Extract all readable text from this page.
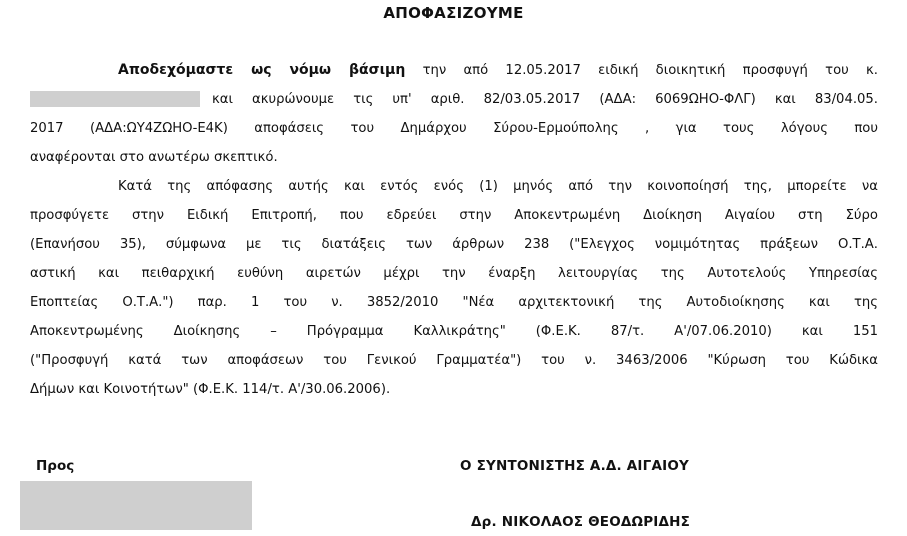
ΑΠΟΦΑΣΙΖΟΥΜΕ
Αποδεχόμαστε ως νόμω βάσιμη την από 12.05.2017 ειδική διοικητική προσφυγή του κ.
και ακυρώνουμε τις υπ' αριθ. 82/03.05.2017 (ΑΔΑ: 6069ΩΗΟ-ΦΛΓ) και 83/04.05.
2017 (ΑΔΑ:ΩΥ4ΖΩΗΟ-Ε4Κ) αποφάσεις του Δημάρχου Σύρου-Ερμούπολης , για τους λόγους που
αναφέρονται στο ανωτέρω σκεπτικό.
Κατά της απόφασης αυτής και εντός ενός (1) μηνός από την κοινοποίησή της, μπορείτε να
προσφύγετε στην Ειδική Επιτροπή, που εδρεύει στην Αποκεντρωμένη Διοίκηση Αιγαίου στη Σύρο
(Επανήσου 35), σύμφωνα με τις διατάξεις των άρθρων 238 ("Ελεγχος νομιμότητας πράξεων Ο.Τ.Α.
αστική και πειθαρχική ευθύνη αιρετών μέχρι την έναρξη λειτουργίας της Αυτοτελούς Υπηρεσίας
Εποπτείας Ο.Τ.Α.") παρ. 1 του ν. 3852/2010 "Νέα αρχιτεκτονική της Αυτοδιοίκησης και της
Αποκεντρωμένης Διοίκησης – Πρόγραμμα Καλλικράτης" (Φ.Ε.Κ. 87/τ. Α'/07.06.2010) και 151
("Προσφυγή κατά των αποφάσεων του Γενικού Γραμματέα") του ν. 3463/2006 "Κύρωση του Κώδικα
Δήμων και Κοινοτήτων" (Φ.Ε.Κ. 114/τ. Α'/30.06.2006).
Προς	Ο ΣΥΝΤΟΝΙΣΤΗΣ Α.Δ. ΑΙΓΑΙΟΥ
Δρ. ΝΙΚΟΛΑΟΣ ΘΕΟΔΩΡΙΔΗΣ
